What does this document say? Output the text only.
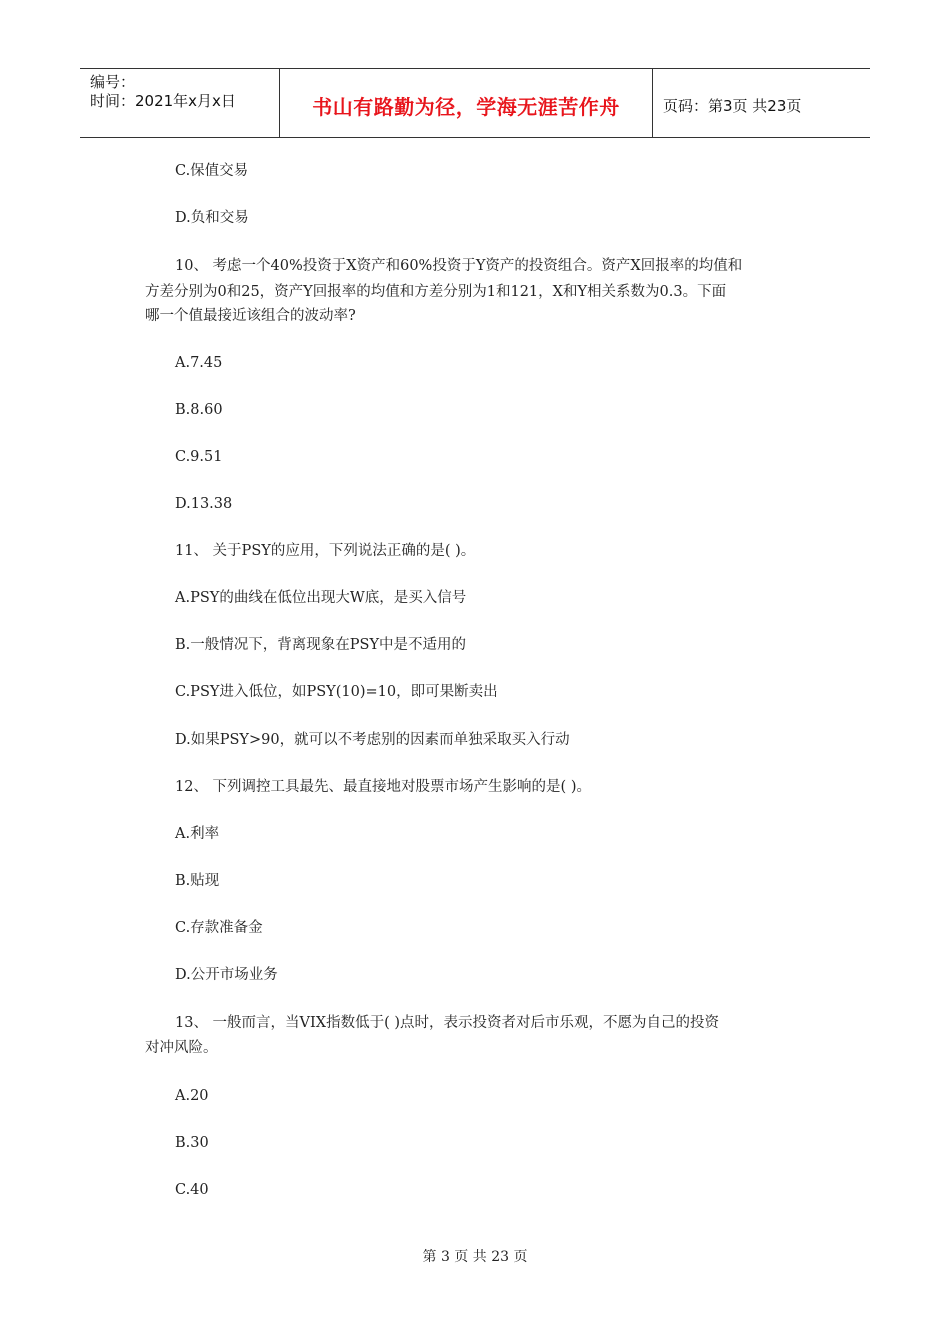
编号：
时间：2021年x月x日	书山有路勤为径，学海无涯苦作舟	页码：第3页 共23页
C.保值交易
D.负和交易
10、 考虑一个40%投资于X资产和60%投资于Y资产的投资组合。资产X回报率的均值和
方差分别为0和25，资产Y回报率的均值和方差分别为1和121，X和Y相关系数为0.3。下面
哪一个值最接近该组合的波动率?
A.7.45
B.8.60
C.9.51
D.13.38
11、 关于PSY的应用，下列说法正确的是( )。
A.PSY的曲线在低位出现大W底，是买入信号
B.一般情况下，背离现象在PSY中是不适用的
C.PSY进入低位，如PSY(10)=10，即可果断卖出
D.如果PSY>90，就可以不考虑别的因素而单独采取买入行动
12、 下列调控工具最先、最直接地对股票市场产生影响的是( )。
A.利率
B.贴现
C.存款准备金
D.公开市场业务
13、 一般而言，当VIX指数低于( )点时，表示投资者对后市乐观，不愿为自己的投资
对冲风险。
A.20
B.30
C.40
第 3 页 共 23 页
